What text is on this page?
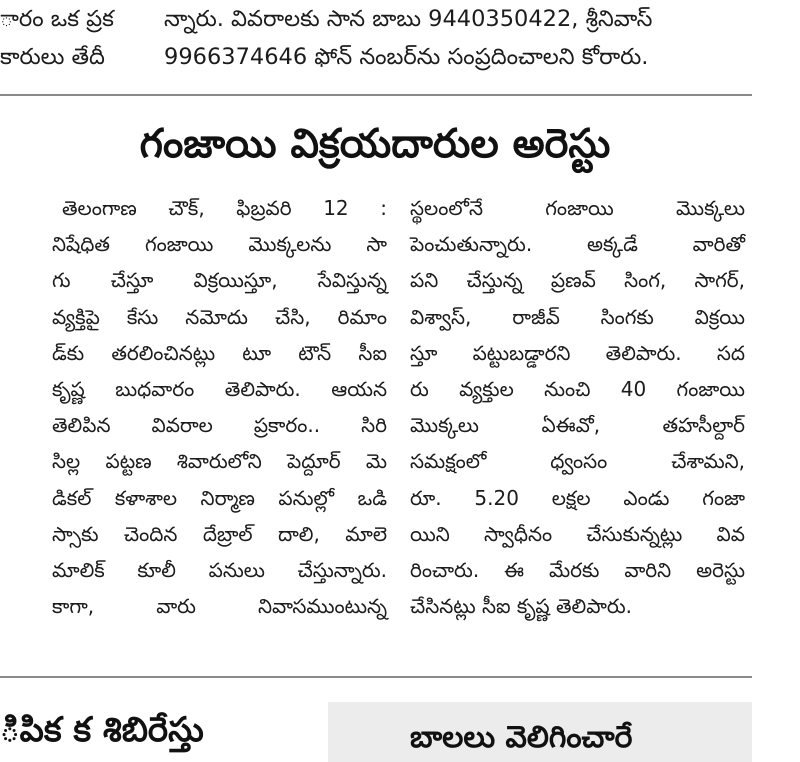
ారం ఒక ప్రక
కారులు తేదీ
న్నారు. వివరాలకు సాన బాబు 9440350422, శ్రీనివాస్
9966374646 ఫోన్ నంబర్‌ను సంప్రదించాలని కోరారు.
గంజాయి విక్రయదారుల అరెస్టు
తెలంగాణ చౌక్, ఫిబ్రవరి 12 :
నిషేధిత గంజాయి మొక్కలను సా
గు చేస్తూ విక్రయిస్తూ, సేవిస్తున్న
వ్యక్తిపై కేసు నమోదు చేసి, రిమాం
డ్‌కు తరలించినట్లు టూ టౌన్ సీఐ
కృష్ణ బుధవారం తెలిపారు. ఆయన
తెలిపిన వివరాల ప్రకారం.. సిరి
సిల్ల పట్టణ శివారులోని పెద్దూర్ మె
డికల్ కళాశాల నిర్మాణ పనుల్లో ఒడి
స్సాకు చెందిన దేబ్రాల్ దాలి, మాలె
మాలిక్ కూలీ పనులు చేస్తున్నారు.
కాగా, వారు నివాసముంటున్న
స్థలంలోనే గంజాయి మొక్కలు
పెంచుతున్నారు. అక్కడే వారితో
పని చేస్తున్న ప్రణవ్ సింగ, సాగర్,
విశ్వాస్, రాజీవ్ సింగకు విక్రయి
స్తూ పట్టుబడ్డారని తెలిపారు. సద
రు వ్యక్తుల నుంచి 40 గంజాయి
మొక్కలు ఏఈవో, తహసీల్దార్
సమక్షంలో ధ్వంసం చేశామని,
రూ. 5.20 లక్షల ఎండు గంజా
యిని స్వాధీనం చేసుకున్నట్లు వివ
రించారు. ఈ మేరకు వారిని అరెస్టు
చేసినట్లు సీఐ కృష్ణ తెలిపారు.
ిపిక క శిబిరేస్తు	బాలలు వెలిగించారే
